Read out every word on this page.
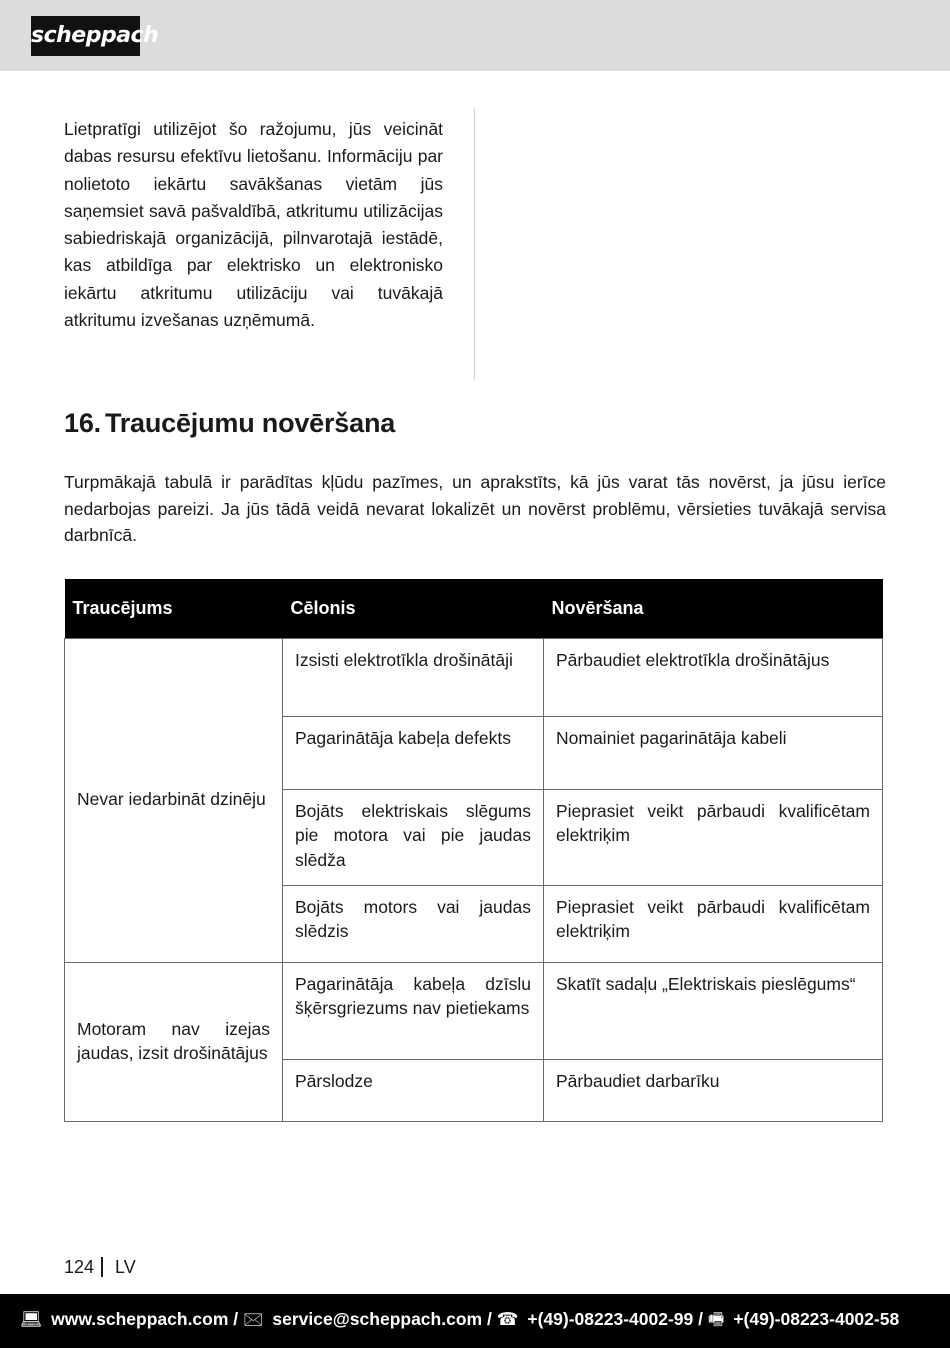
scheppach
Lietpratīgi utilizējot šo ražojumu, jūs veicināt dabas resursu efektīvu lietošanu. Informāciju par nolietoto iekārtu savākšanas vietām jūs saņemsiet savā pašvaldībā, atkritumu utilizācijas sabiedriskajā organizācijā, pilnvarotajā iestādē, kas atbildīga par elektrisko un elektronisko iekārtu atkritumu utilizāciju vai tuvākajā atkritumu izvešanas uzņēmumā.
16. Traucējumu novēršana
Turpmākajā tabulā ir parādītas kļūdu pazīmes, un aprakstīts, kā jūs varat tās novērst, ja jūsu ierīce nedarbojas pareizi. Ja jūs tādā veidā nevarat lokalizēt un novērst problēmu, vērsieties tuvākajā servisa darbnīcā.
Traucējums	Cēlonis	Novēršana
Nevar iedarbināt dzinēju	Izsisti elektrotīkla drošinātāji	Pārbaudiet elektrotīkla drošinātājus
	Pagarinātāja kabeļa defekts	Nomainiet pagarinātāja kabeli
	Bojāts elektriskais slēgums pie motora vai pie jaudas slēdža	Pieprasiet veikt pārbaudi kvalificētam elektriķim
	Bojāts motors vai jaudas slēdzis	Pieprasiet veikt pārbaudi kvalificētam elektriķim
Motoram nav izejas jaudas, izsit drošinātājus	Pagarinātāja kabeļa dzīslu šķērsgriezums nav pietiekams	Skatīt sadaļu „Elektriskais pieslēgums“
	Pārslodze	Pārbaudiet darbarīku
124 LV
💻︎ www.scheppach.com / 🖂︎ service@scheppach.com / ☎︎ +(49)-08223-4002-99 / 🖷︎ +(49)-08223-4002-58
